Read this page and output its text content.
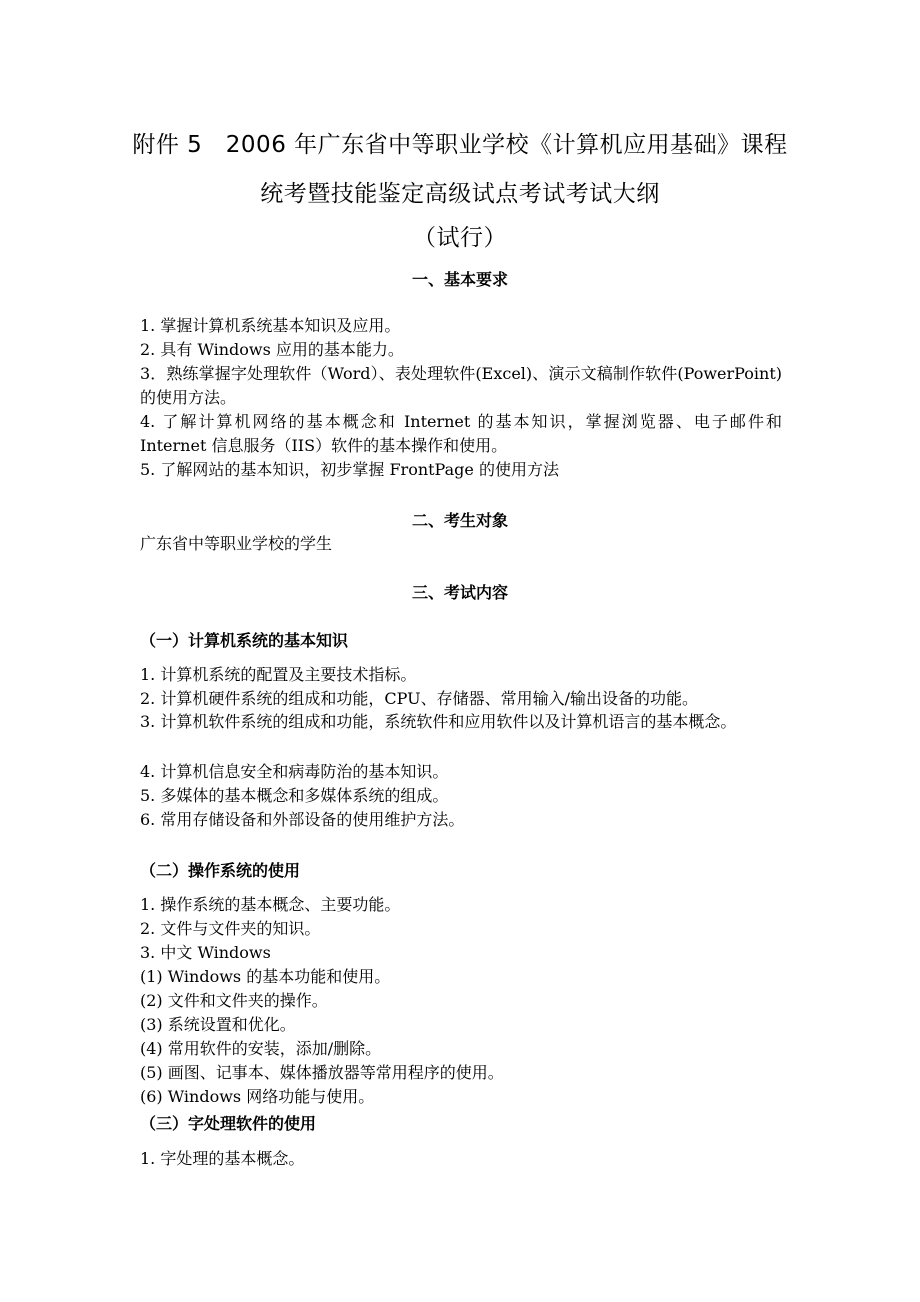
附件 5　2006 年广东省中等职业学校《计算机应用基础》课程
统考暨技能鉴定高级试点考试考试大纲
（试行）
一、基本要求
1. 掌握计算机系统基本知识及应用。
2. 具有 Windows 应用的基本能力。
3．熟练掌握字处理软件（Word）、表处理软件(Excel)、演示文稿制作软件(PowerPoint)的使用方法。
4. 了解计算机网络的基本概念和 Internet 的基本知识，掌握浏览器、电子邮件和 Internet 信息服务（IIS）软件的基本操作和使用。
5. 了解网站的基本知识，初步掌握 FrontPage 的使用方法
二、考生对象
广东省中等职业学校的学生
三、考试内容
（一）计算机系统的基本知识
1. 计算机系统的配置及主要技术指标。
2. 计算机硬件系统的组成和功能，CPU、存储器、常用输入/输出设备的功能。
3. 计算机软件系统的组成和功能，系统软件和应用软件以及计算机语言的基本概念。
4. 计算机信息安全和病毒防治的基本知识。
5. 多媒体的基本概念和多媒体系统的组成。
6. 常用存储设备和外部设备的使用维护方法。
（二）操作系统的使用
1. 操作系统的基本概念、主要功能。
2. 文件与文件夹的知识。
3. 中文 Windows
(1) Windows 的基本功能和使用。
(2) 文件和文件夹的操作。
(3) 系统设置和优化。
(4) 常用软件的安装，添加/删除。
(5) 画图、记事本、媒体播放器等常用程序的使用。
(6) Windows 网络功能与使用。
（三）字处理软件的使用
1. 字处理的基本概念。
